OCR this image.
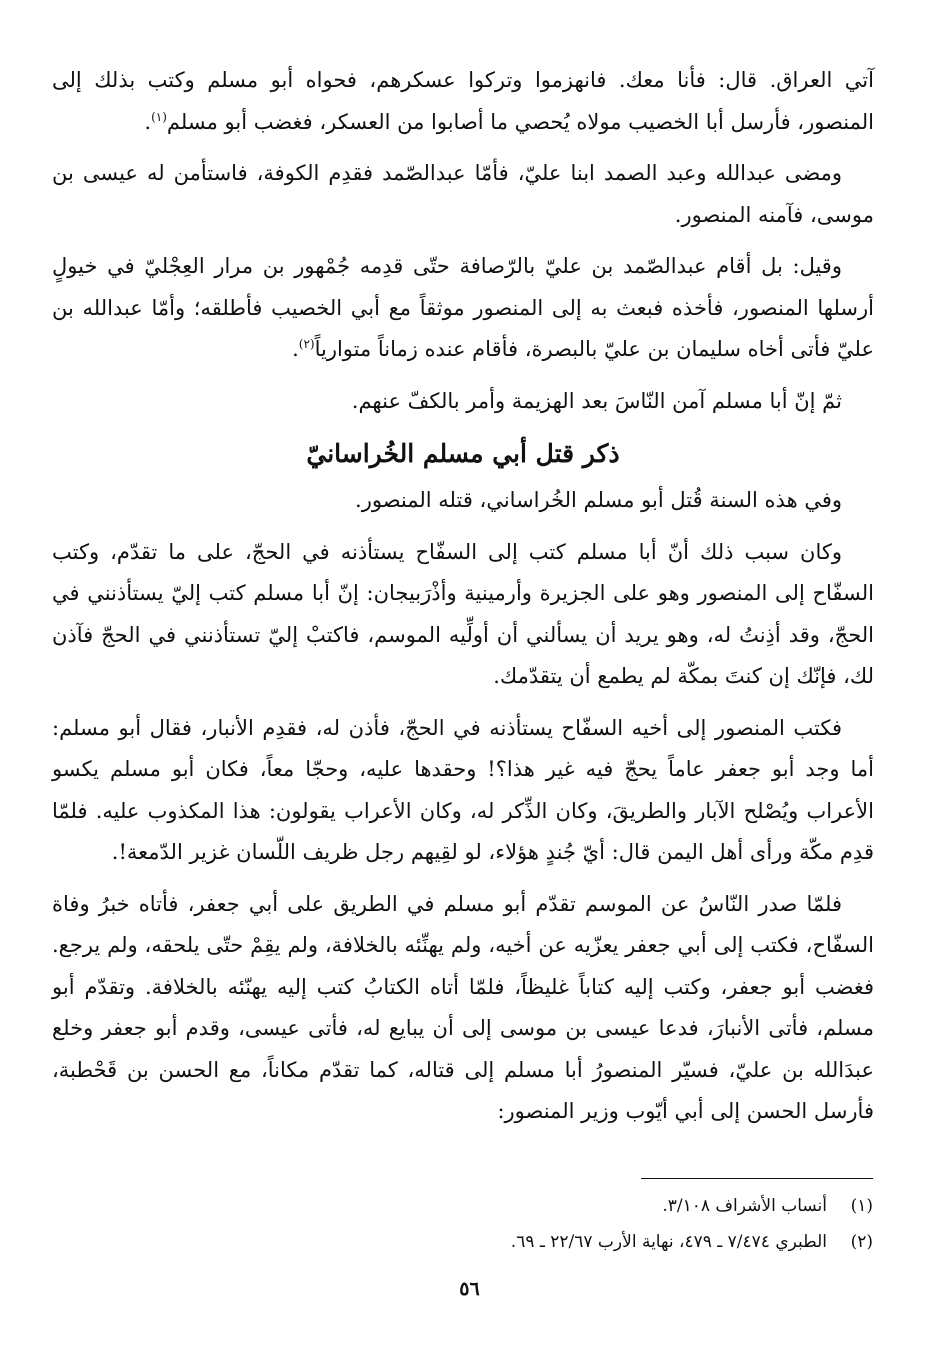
آتي العراق. قال: فأنا معك. فانهزموا وتركوا عسكرهم، فحواه أبو مسلم وكتب بذلك إلى المنصور، فأرسل أبا الخصيب مولاه يُحصي ما أصابوا من العسكر، فغضب أبو مسلم$^{(١)}$.

ومضى عبدالله وعبد الصمد ابنا عليّ، فأمّا عبدالصّمد فقدِم الكوفة، فاستأمن له عيسى بن موسى، فآمنه المنصور.

وقيل: بل أقام عبدالصّمد بن عليّ بالرّصافة حتّى قدِمه جُمْهور بن مرار العِجْليّ في خيولٍ أرسلها المنصور، فأخذه فبعث به إلى المنصور موثقاً مع أبي الخصيب فأطلقه؛ وأمّا عبدالله بن عليّ فأتى أخاه سليمان بن عليّ بالبصرة، فأقام عنده زماناً متوارياً$^{(٢)}$.

ثمّ إنّ أبا مسلم آمن النّاسَ بعد الهزيمة وأمر بالكفّ عنهم.

ذكر قتل أبي مسلم الخُراسانيّ

وفي هذه السنة قُتل أبو مسلم الخُراساني، قتله المنصور.

وكان سبب ذلك أنّ أبا مسلم كتب إلى السفّاح يستأذنه في الحجّ، على ما تقدّم، وكتب السفّاح إلى المنصور وهو على الجزيرة وأرمينية وأذْرَبيجان: إنّ أبا مسلم كتب إليّ يستأذنني في الحجّ، وقد أذِنتُ له، وهو يريد أن يسألني أن أولِّيه الموسم، فاكتبْ إليّ تستأذنني في الحجّ فآذن لك، فإنّك إن كنتَ بمكّة لم يطمع أن يتقدّمك.

فكتب المنصور إلى أخيه السفّاح يستأذنه في الحجّ، فأذن له، فقدِم الأنبار، فقال أبو مسلم: أما وجد أبو جعفر عاماً يحجّ فيه غير هذا؟! وحقدها عليه، وحجّا معاً، فكان أبو مسلم يكسو الأعراب ويُصْلح الآبار والطريقَ، وكان الذِّكر له، وكان الأعراب يقولون: هذا المكذوب عليه. فلمّا قدِم مكّة ورأى أهل اليمن قال: أيّ جُندٍ هؤلاء، لو لقِيهم رجل ظريف اللّسان غزير الدّمعة!.

فلمّا صدر النّاسُ عن الموسم تقدّم أبو مسلم في الطريق على أبي جعفر، فأتاه خبرُ وفاة السفّاح، فكتب إلى أبي جعفر يعزّيه عن أخيه، ولم يهنِّئه بالخلافة، ولم يقِمْ حتّى يلحقه، ولم يرجع. فغضب أبو جعفر، وكتب إليه كتاباً غليظاً، فلمّا أتاه الكتابُ كتب إليه يهنّئه بالخلافة. وتقدّم أبو مسلم، فأتى الأنبارَ، فدعا عيسى بن موسى إلى أن يبايع له، فأتى عيسى، وقدم أبو جعفر وخلع عبدَالله بن عليّ، فسيّر المنصورُ أبا مسلم إلى قتاله، كما تقدّم مكاناً، مع الحسن بن قَحْطبة، فأرسل الحسن إلى أبي أيّوب وزير المنصور:

(١)
أنساب الأشراف ٣/١٠٨.
(٢)
الطبري ٧/٤٧٤ ـ ٤٧٩، نهاية الأرب ٢٢/٦٧ ـ ٦٩.
٥٦
